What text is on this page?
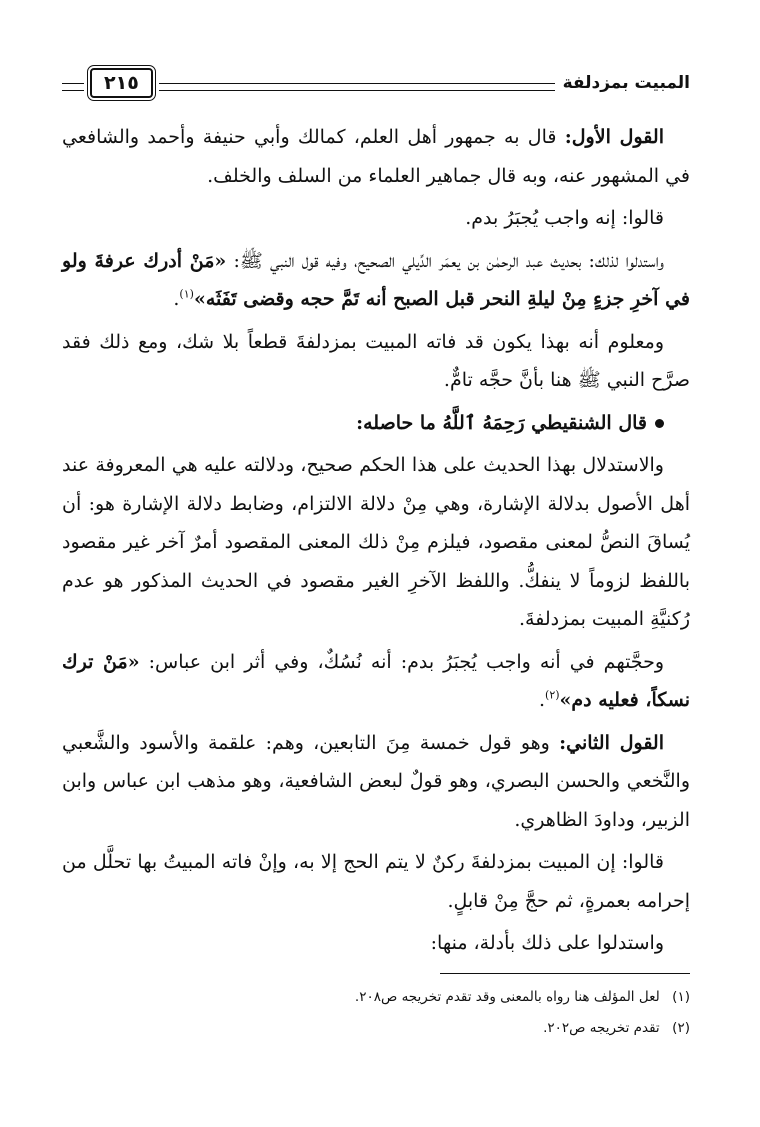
المبيت بمزدلفة
٢١٥

القول الأول: قال به جمهور أهل العلم، كمالك وأبي حنيفة وأحمد والشافعي في المشهور عنه، وبه قال جماهير العلماء من السلف والخلف.

قالوا: إنه واجب يُجبَرُ بدم.

واستدلوا لذلك: بحديث عبد الرحمٰن بن يعمَر الدِّيلي الصحيح، وفيه قول النبي ﷺ: «مَنْ أدرك عرفةَ ولو في آخرِ جزءٍ مِنْ ليلةِ النحر قبل الصبح أنه تَمَّ حجه وقضى تَفَثَه»$^{(١)}$.

ومعلوم أنه بهذا يكون قد فاته المبيت بمزدلفةَ قطعاً بلا شك، ومع ذلك فقد صرَّح النبي ﷺ هنا بأنَّ حجَّه تامٌّ.

قال الشنقيطي رَحِمَهُ ٱللَّهُ ما حاصله:

والاستدلال بهذا الحديث على هذا الحكم صحيح، ودلالته عليه هي المعروفة عند أهل الأصول بدلالة الإشارة، وهي مِنْ دلالة الالتزام، وضابط دلالة الإشارة هو: أن يُساقَ النصُّ لمعنى مقصود، فيلزم مِنْ ذلك المعنى المقصود أمرٌ آخر غير مقصود باللفظ لزوماً لا ينفكُّ. واللفظ الآخرِ الغير مقصود في الحديث المذكور هو عدم رُكنيَّةِ المبيت بمزدلفةَ.

وحجَّتهم في أنه واجب يُجبَرُ بدم: أنه نُسُكٌ، وفي أثر ابن عباس: «مَنْ ترك نسكاً، فعليه دم»$^{(٢)}$.

القول الثاني: وهو قول خمسة مِنَ التابعين، وهم: علقمة والأسود والشَّعبي والنَّخعي والحسن البصري، وهو قولٌ لبعض الشافعية، وهو مذهب ابن عباس وابن الزبير، وداودَ الظاهري.

قالوا: إن المبيت بمزدلفةَ ركنٌ لا يتم الحج إلا به، وإنْ فاته المبيتُ بها تحلَّل من إحرامه بعمرةٍ، ثم حجَّ مِنْ قابلٍ.

واستدلوا على ذلك بأدلة، منها:

(١) لعل المؤلف هنا رواه بالمعنى وقد تقدم تخريجه ص٢٠٨.

(٢) تقدم تخريجه ص٢٠٢.
